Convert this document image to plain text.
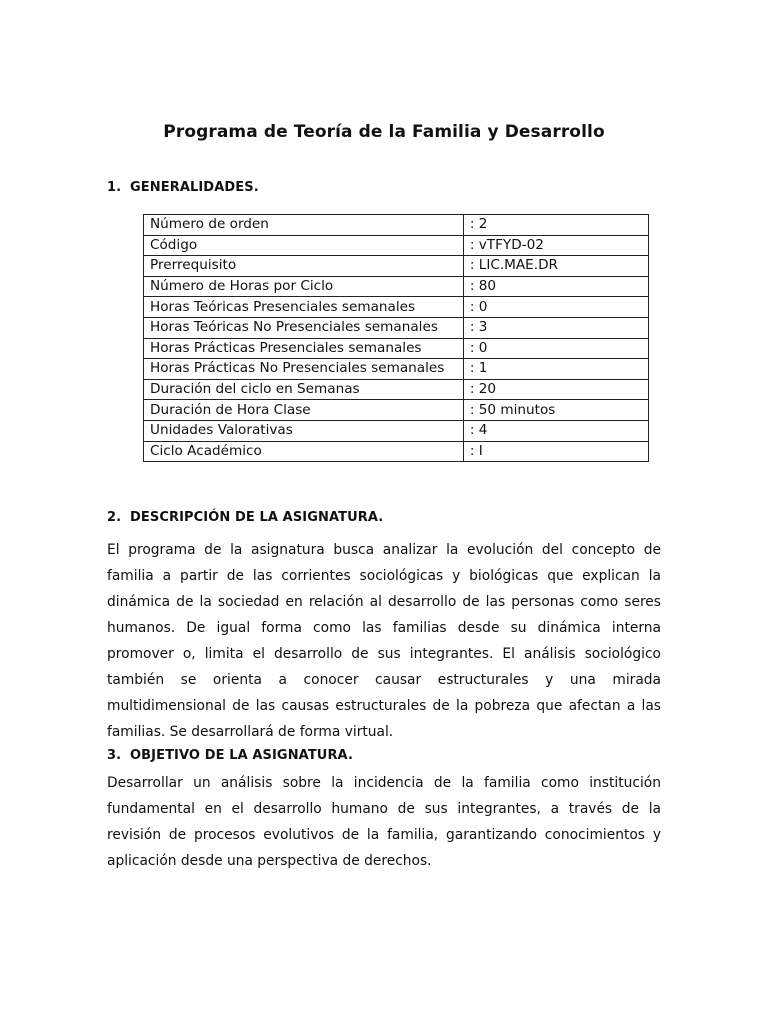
Programa de Teoría de la Familia y Desarrollo
1. GENERALIDADES.
Número de orden	: 2
Código	: vTFYD-02
Prerrequisito	: LIC.MAE.DR
Número de Horas por Ciclo	: 80
Horas Teóricas Presenciales semanales	: 0
Horas Teóricas No Presenciales semanales	: 3
Horas Prácticas Presenciales semanales	: 0
Horas Prácticas No Presenciales semanales	: 1
Duración del ciclo en Semanas	: 20
Duración de Hora Clase	: 50 minutos
Unidades Valorativas	: 4
Ciclo Académico	: I
2. DESCRIPCIÓN DE LA ASIGNATURA.
El programa de la asignatura busca analizar la evolución del concepto de familia a partir de las corrientes sociológicas y biológicas que explican la dinámica de la sociedad en relación al desarrollo de las personas como seres humanos. De igual forma como las familias desde su dinámica interna promover o, limita el desarrollo de sus integrantes. El análisis sociológico también se orienta a conocer causar estructurales y una mirada multidimensional de las causas estructurales de la pobreza que afectan a las familias. Se desarrollará de forma virtual.
3. OBJETIVO DE LA ASIGNATURA.
Desarrollar un análisis sobre la incidencia de la familia como institución fundamental en el desarrollo humano de sus integrantes, a través de la revisión de procesos evolutivos de la familia, garantizando conocimientos y aplicación desde una perspectiva de derechos.
